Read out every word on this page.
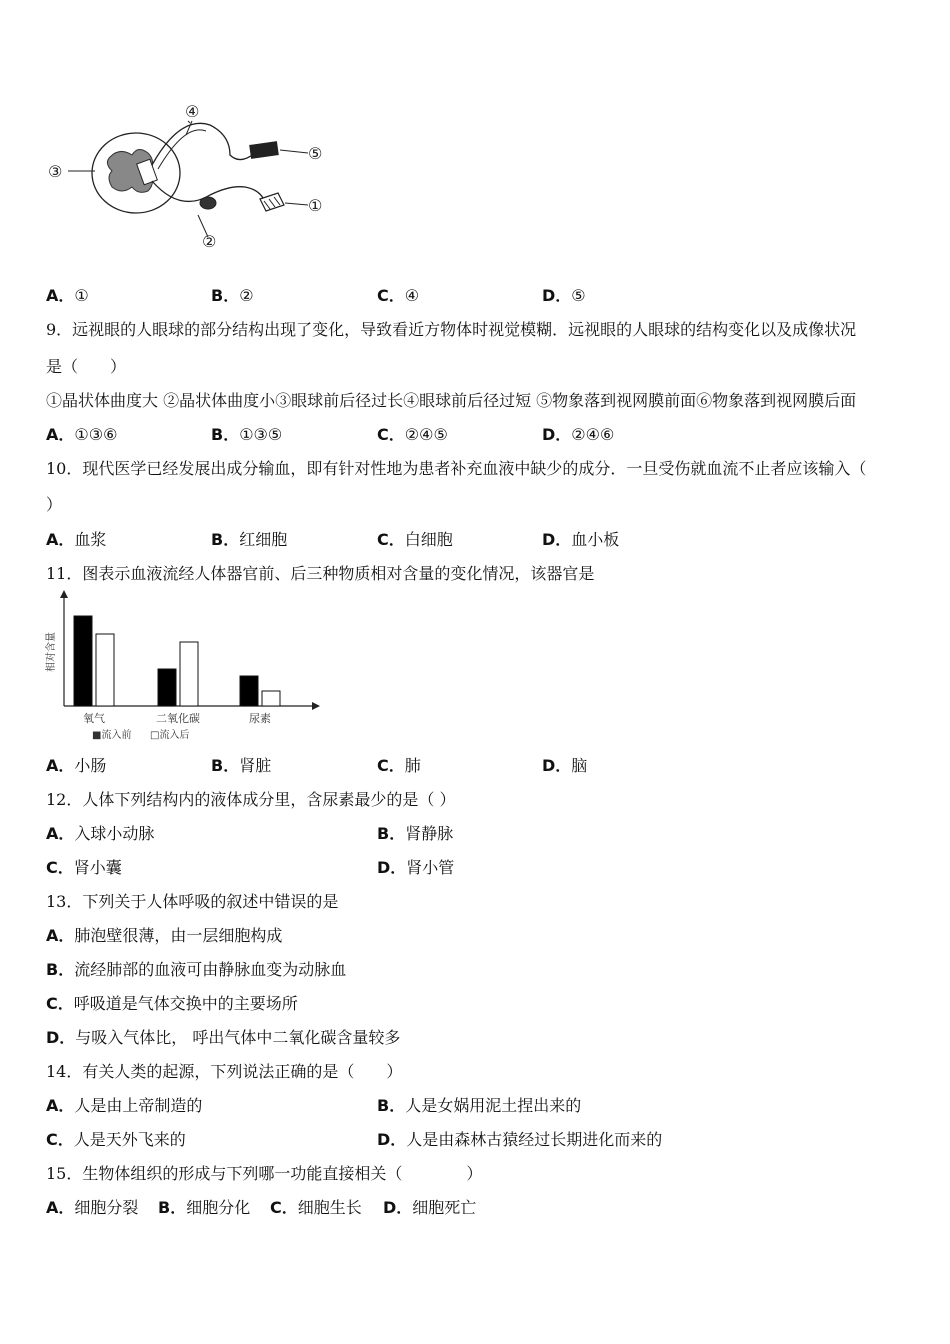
④
⑤
③
①
②
A．①	B．②	C．④	D．⑤
9．远视眼的人眼球的部分结构出现了变化，导致看近方物体时视觉模糊．远视眼的人眼球的结构变化以及成像状况
是（　　）
①晶状体曲度大 ②晶状体曲度小③眼球前后径过长④眼球前后径过短 ⑤物象落到视网膜前面⑥物象落到视网膜后面
A．①③⑥	B．①③⑤	C．②④⑤	D．②④⑥
10．现代医学已经发展出成分输血，即有针对性地为患者补充血液中缺少的成分．一旦受伤就血流不止者应该输入（
）
A．血浆	B．红细胞	C．白细胞	D．血小板
11．图表示血液流经人体器官前、后三种物质相对含量的变化情况，该器官是
相对含量
氧气	二氧化碳	尿素
■流入前 □流入后
A．小肠	B．肾脏	C．肺	D．脑
12．人体下列结构内的液体成分里，含尿素最少的是（ ）
A．入球小动脉	B．肾静脉
C．肾小囊	D．肾小管
13．下列关于人体呼吸的叙述中错误的是
A．肺泡壁很薄，由一层细胞构成
B．流经肺部的血液可由静脉血变为动脉血
C．呼吸道是气体交换中的主要场所
D．与吸入气体比， 呼出气体中二氧化碳含量较多
14．有关人类的起源，下列说法正确的是（　　）
A．人是由上帝制造的	B．人是女娲用泥土捏出来的
C．人是天外飞来的	D．人是由森林古猿经过长期进化而来的
15．生物体组织的形成与下列哪一功能直接相关（　　　　）
A．细胞分裂 B．细胞分化 C．细胞生长 D．细胞死亡
